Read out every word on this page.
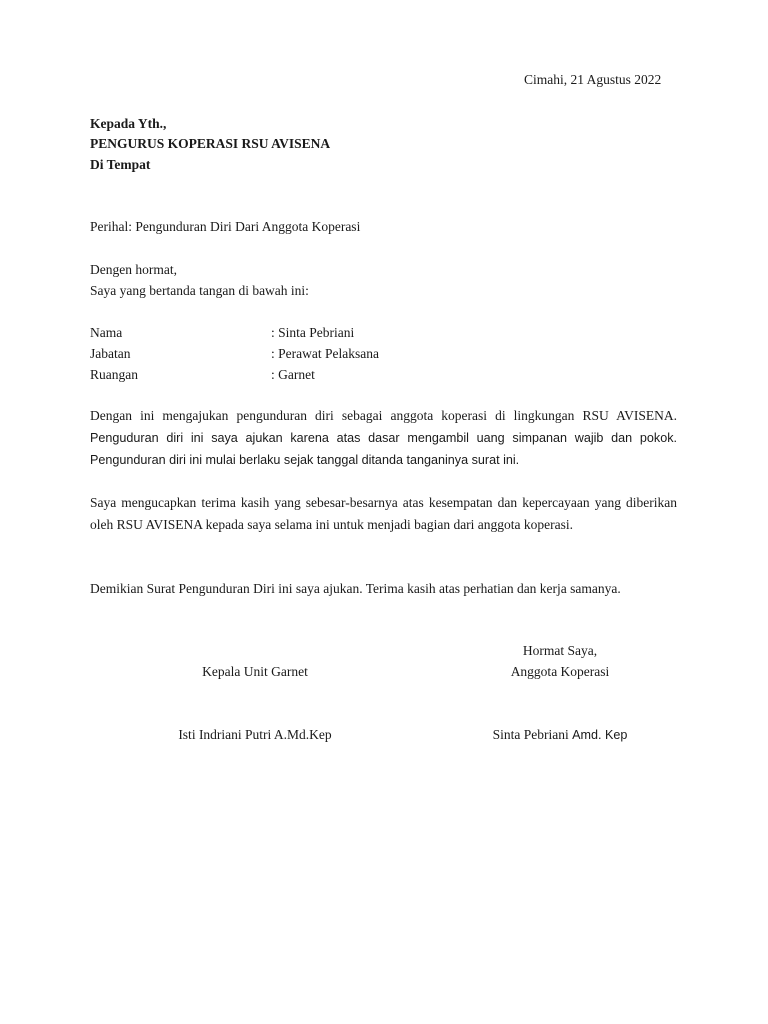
Cimahi, 21 Agustus 2022
Kepada Yth.,
PENGURUS KOPERASI RSU AVISENA
Di Tempat
Perihal: Pengunduran Diri Dari Anggota Koperasi
Dengen hormat,
Saya yang bertanda tangan di bawah ini:
Nama	: Sinta Pebriani
Jabatan	: Perawat Pelaksana
Ruangan	: Garnet
Dengan ini mengajukan pengunduran diri sebagai anggota koperasi di lingkungan RSU AVISENA. Penguduran diri ini saya ajukan karena atas dasar mengambil uang simpanan wajib dan pokok. Pengunduran diri ini mulai berlaku sejak tanggal ditanda tanganinya surat ini.
Saya mengucapkan terima kasih yang sebesar-besarnya atas kesempatan dan kepercayaan yang diberikan oleh RSU AVISENA kepada saya selama ini untuk menjadi bagian dari anggota koperasi.
Demikian Surat Pengunduran Diri ini saya ajukan. Terima kasih atas perhatian dan kerja samanya.
Hormat Saya,
Kepala Unit Garnet	Anggota Koperasi
Isti Indriani Putri A.Md.Kep	Sinta Pebriani Amd. Kep
